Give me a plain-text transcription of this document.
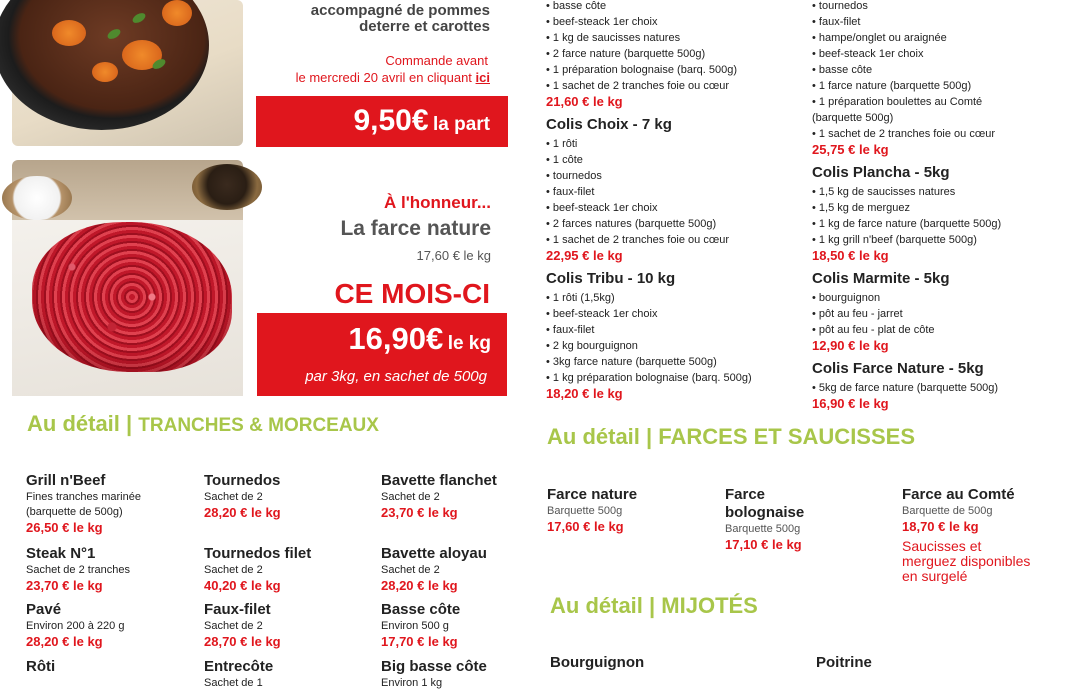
accompagné de pommes
deterre et carottes
Commande avant
le mercredi 20 avril en cliquant ici
9,50€ la part
À l'honneur...
La farce nature
17,60 € le kg
CE MOIS-CI
16,90€ le kg
par 3kg, en sachet de 500g
• basse côte
• beef-steack 1er choix
• 1 kg de saucisses natures
• 2 farce nature (barquette 500g)
• 1 préparation bolognaise (barq. 500g)
• 1 sachet de 2 tranches foie ou cœur
21,60 € le kg
Colis Choix - 7 kg
• 1 rôti
• 1 côte
• tournedos
• faux-filet
• beef-steack 1er choix
• 2 farces natures (barquette 500g)
• 1 sachet de 2 tranches foie ou cœur
22,95 € le kg
Colis Tribu - 10 kg
• 1 rôti (1,5kg)
• beef-steack 1er choix
• faux-filet
• 2 kg bourguignon
• 3kg farce nature (barquette 500g)
• 1 kg préparation bolognaise (barq. 500g)
18,20 € le kg
• tournedos
• faux-filet
• hampe/onglet ou araignée
• beef-steack 1er choix
• basse côte
• 1 farce nature (barquette 500g)
• 1 préparation boulettes au Comté
(barquette 500g)
• 1 sachet de 2 tranches foie ou cœur
25,75 € le kg
Colis Plancha - 5kg
• 1,5 kg de saucisses natures
• 1,5 kg de merguez
• 1 kg de farce nature (barquette 500g)
• 1 kg grill n'beef (barquette 500g)
18,50 € le kg
Colis Marmite - 5kg
• bourguignon
• pôt au feu - jarret
• pôt au feu - plat de côte
12,90 € le kg
Colis Farce Nature - 5kg
• 5kg de farce nature (barquette 500g)
16,90 € le kg
Au détail | TRANCHES & MORCEAUX	Au détail | FARCES ET SAUCISSES
Au détail | MIJOTÉS
Grill n'Beef
Fines tranches marinée
(barquette de 500g)
26,50 € le kg
Steak N°1
Sachet de 2 tranches
23,70 € le kg
Pavé
Environ 200 à 220 g
28,20 € le kg
Rôti
Tournedos
Sachet de 2
28,20 € le kg
Tournedos filet
Sachet de 2
40,20 € le kg
Faux-filet
Sachet de 2
28,70 € le kg
Entrecôte
Sachet de 1
Bavette flanchet
Sachet de 2
23,70 € le kg
Bavette aloyau
Sachet de 2
28,20 € le kg
Basse côte
Environ 500 g
17,70 € le kg
Big basse côte
Environ 1 kg
Farce nature
Barquette 500g
17,60 € le kg
Farce
bolognaise
Barquette 500g
17,10 € le kg
Farce au Comté
Barquette de 500g
18,70 € le kg
Saucisses et
merguez disponibles
en surgelé
Bourguignon	Poitrine
